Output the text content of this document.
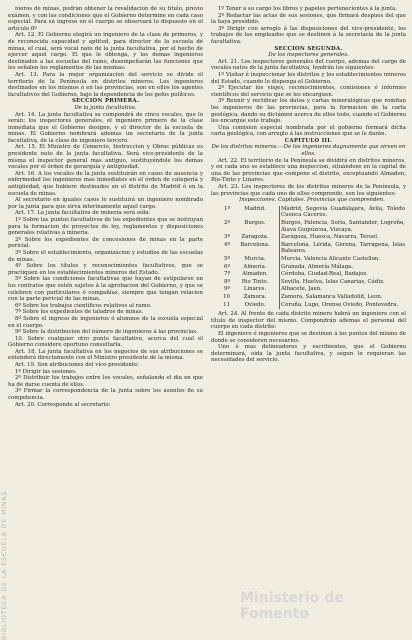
nieros de minas, podrán obtener la revalidacion de su título, previo exámen, y con las condiciones que el Gobierno determine en cada caso especial. Para su ingreso en el cuerpo se observará lo dispuesto en el artículo 6º

Art. 12. El Gobierno elegirá un ingeniero de la clase de primeros, y de reconocida capacidad y aptitud, para director de la escuela de minas, el cual, será vocal nato de la junta facultativa, por el hecho de ejercer aquel cargo. El que le obtenga, y los demas ingenieros destinados a las escuelas del ramo, desempeñarán las funciones que les señalen los reglamentos de las mismas.

Art. 13. Para la mejor organizacion del servicio se divide el territorio de la Península en distritos mineros. Los ingenieros destinados en los mismos ó en las provincias, son en ellos los agentes facultativos del Gobierno, bajo la dependencia de los gefes políticos.

SECCION PRIMERA.

De la junta facultativa.

Art. 14. La junta facultativa se compondrá de cinco vocales, que lo serán: los inspectores generales, el ingeniero primero de la clase inmediata que el Gobierno designe, y el director de la escuela de minas. El Gobierno nombrará ademas un secretario de la junta facultativa, de la clase de ingeniero tercero.

Art. 15. El Ministro de Comercio, Instruccion y Obras públicas es presidente nato de la junta facultativa. Será vice-presidente de la misma el inspector general mas antiguo, sustituyéndole los demas vocales por el órden de gerarquía y antigüedad.

Art. 16. A los vocales de la junta sustituirán en casos de ausencia y enfermedad los ingenieros mas inmediatos en el órden de categoría y antigüedad, que hubiere destinados en el distrito de Madrid ó en la escuela de minas.

Al secretario en iguales casos le sustituirá un ingeniero nombrado por la junta para que sirva interinamente aquel cargo.

Art. 17. La junta facultativa de minería será oída:

1º Sobre las puntos facultativos de los expedientes que se instruyan para la formacion de proyectos de ley, reglamentos y disposiciones generales relativas á minería.

2º Sobre los expedientes de concesiones de minas en la parte pericial.

3º Sobre el establecimiento, organizacion y estudios de las escuelas de minas.

4º Sobre los títulos y reconocimientos facultativos, que se practiquen en los establecimientos mineros del Estado.

5º Sobre las condiciones facultativas que hayan de estipularse en los contratos que estén sujetos á la aprobacion del Gobierno, y que se celebren con particulares ó compañías, siempre que tengan relacion con la parte pericial de las minas.

6º Sobre los trabajos científicos relativos al ramo.

7º Sobre los expedientes de taladros de minas.

8º Sobre el ingreso de ingenieros ó alumnos de la escuela especial en el cuerpo.

9º Sobre la distribucion del número de ingenieros á las provincias.

10. Sobre cualquier otro punto facultativo, acerca del cual el Gobierno considere oportuno consultarla.

Art. 18. La junta facultativa en los negocios de sus atribuciones se entenderá directamente con el Ministro presidente de la misma.

Art. 19. Son atribuciones del vice-presidente:

1º Dirigir las sesiones.

2º Distribuir los trabajos entre los vocales, señalando el dia en que ha de darse cuenta de ellos.

3º Firmar la correspondencia de la junta sobre los asuntos de su competencia.

Art. 20. Corresponde al secretario:

1º Tener á su cargo los libros y papeles pertenecientes á la junta.

2º Redactar las actas de sus sesiones, que firmará despues del que la haya presidido.

3º Dirigir con arreglo á las disposiciones del vice-presidente, los trabajos de los empleados que se destinen á la secretaría de la junta facultativa.

SECCION SEGUNDA.

De los inspectores generales.

Art. 21. Los inspectores generales del cuerpo, ademas del cargo de vocales natos de la junta facultativa, tendrán los siguientes:

1º Visitar é inspeccionar los distritos y los establecimientos mineros del Estado, cuando lo disponga el Gobierno.

2º Ejecutar los viajes, reconocimientos, comisiones é informes científicos del servicio que se les encarguen.

3º Reunir y rectificar los datos y cartas mineralógicas que remitan los ingenieros de las provincias, para la formacion de la carta geológica, dando su dictámen acerca de ellos todo, cuando el Gobierno les encargue este trabajo.

Una comision especial nombrada por el gobierno formará dicha carta geológica, con arreglo á las instrucciones que se le darán.

CAPITULO III.

De los distritos mineros.—De los ingenieros dagnamente que sirven en ellos.

Art. 22. El territorio de la Península se dividirá en distritos mineros, y en cada uno se establece una inspeccion, situándose en la capital de una de las provincias que compone el distrito, exceptuando Almaden, Rio-Tinto y Linares.

Art. 23. Los inspectores de los distritos mineros de la Península, y las provincias que cada uno de ellos comprende, son los siguientes:

Inspecciones. Capitales. Provincias que comprenden.

1º	Madrid.	Madrid, Segovia Guadalajara, Ávila, Toledo Cuenca Cáceres.
2º	Burgos.	Burgos, Palencia, Soria, Santander, Logroño, Álava Guipúzcoa, Vizcaya.
3º	Zaragoza.	Zaragoza, Huesca, Navarra, Teruel.
4º	Barcelona.	Barcelona, Lérida, Gerona, Tarragona, Islas Baleares.
5º	Murcia.	Murcia, Valencia Alicante Castellon.
6º	Almería.	Granada, Almería Málaga.
7º	Almaden.	Córdoba, Ciudad-Real, Badajoz.
8º	Rio Tinto.	Sevilla, Huelva, Islas Canarias, Cádiz.
9º	Linares.	Albacete, Jaen.
10	Zamora.	Zamora, Salamanca Valladolid, Leon.
11	Oviedo.	Coruña, Lugo, Orense Oviedo, Pontevedra.

Art. 24. Al frente de cada distrito minero habrá un ingeniero con el título de inspector del mismo. Compondrán ademas el personal del cuerpo en cada distrito:

El ingeniero ó ingenieros que se destinen á los puntos del mismo de donde se consideren necesarios.

Uno ó mas delineadores y escribientes, que el Gobierno determinará, oida la junta facultativa, y segun lo requieran las necesidades del servicio.

BIBLIOTECA DE LA ESCUELA DE MINAS	Ministerio de Fomento
